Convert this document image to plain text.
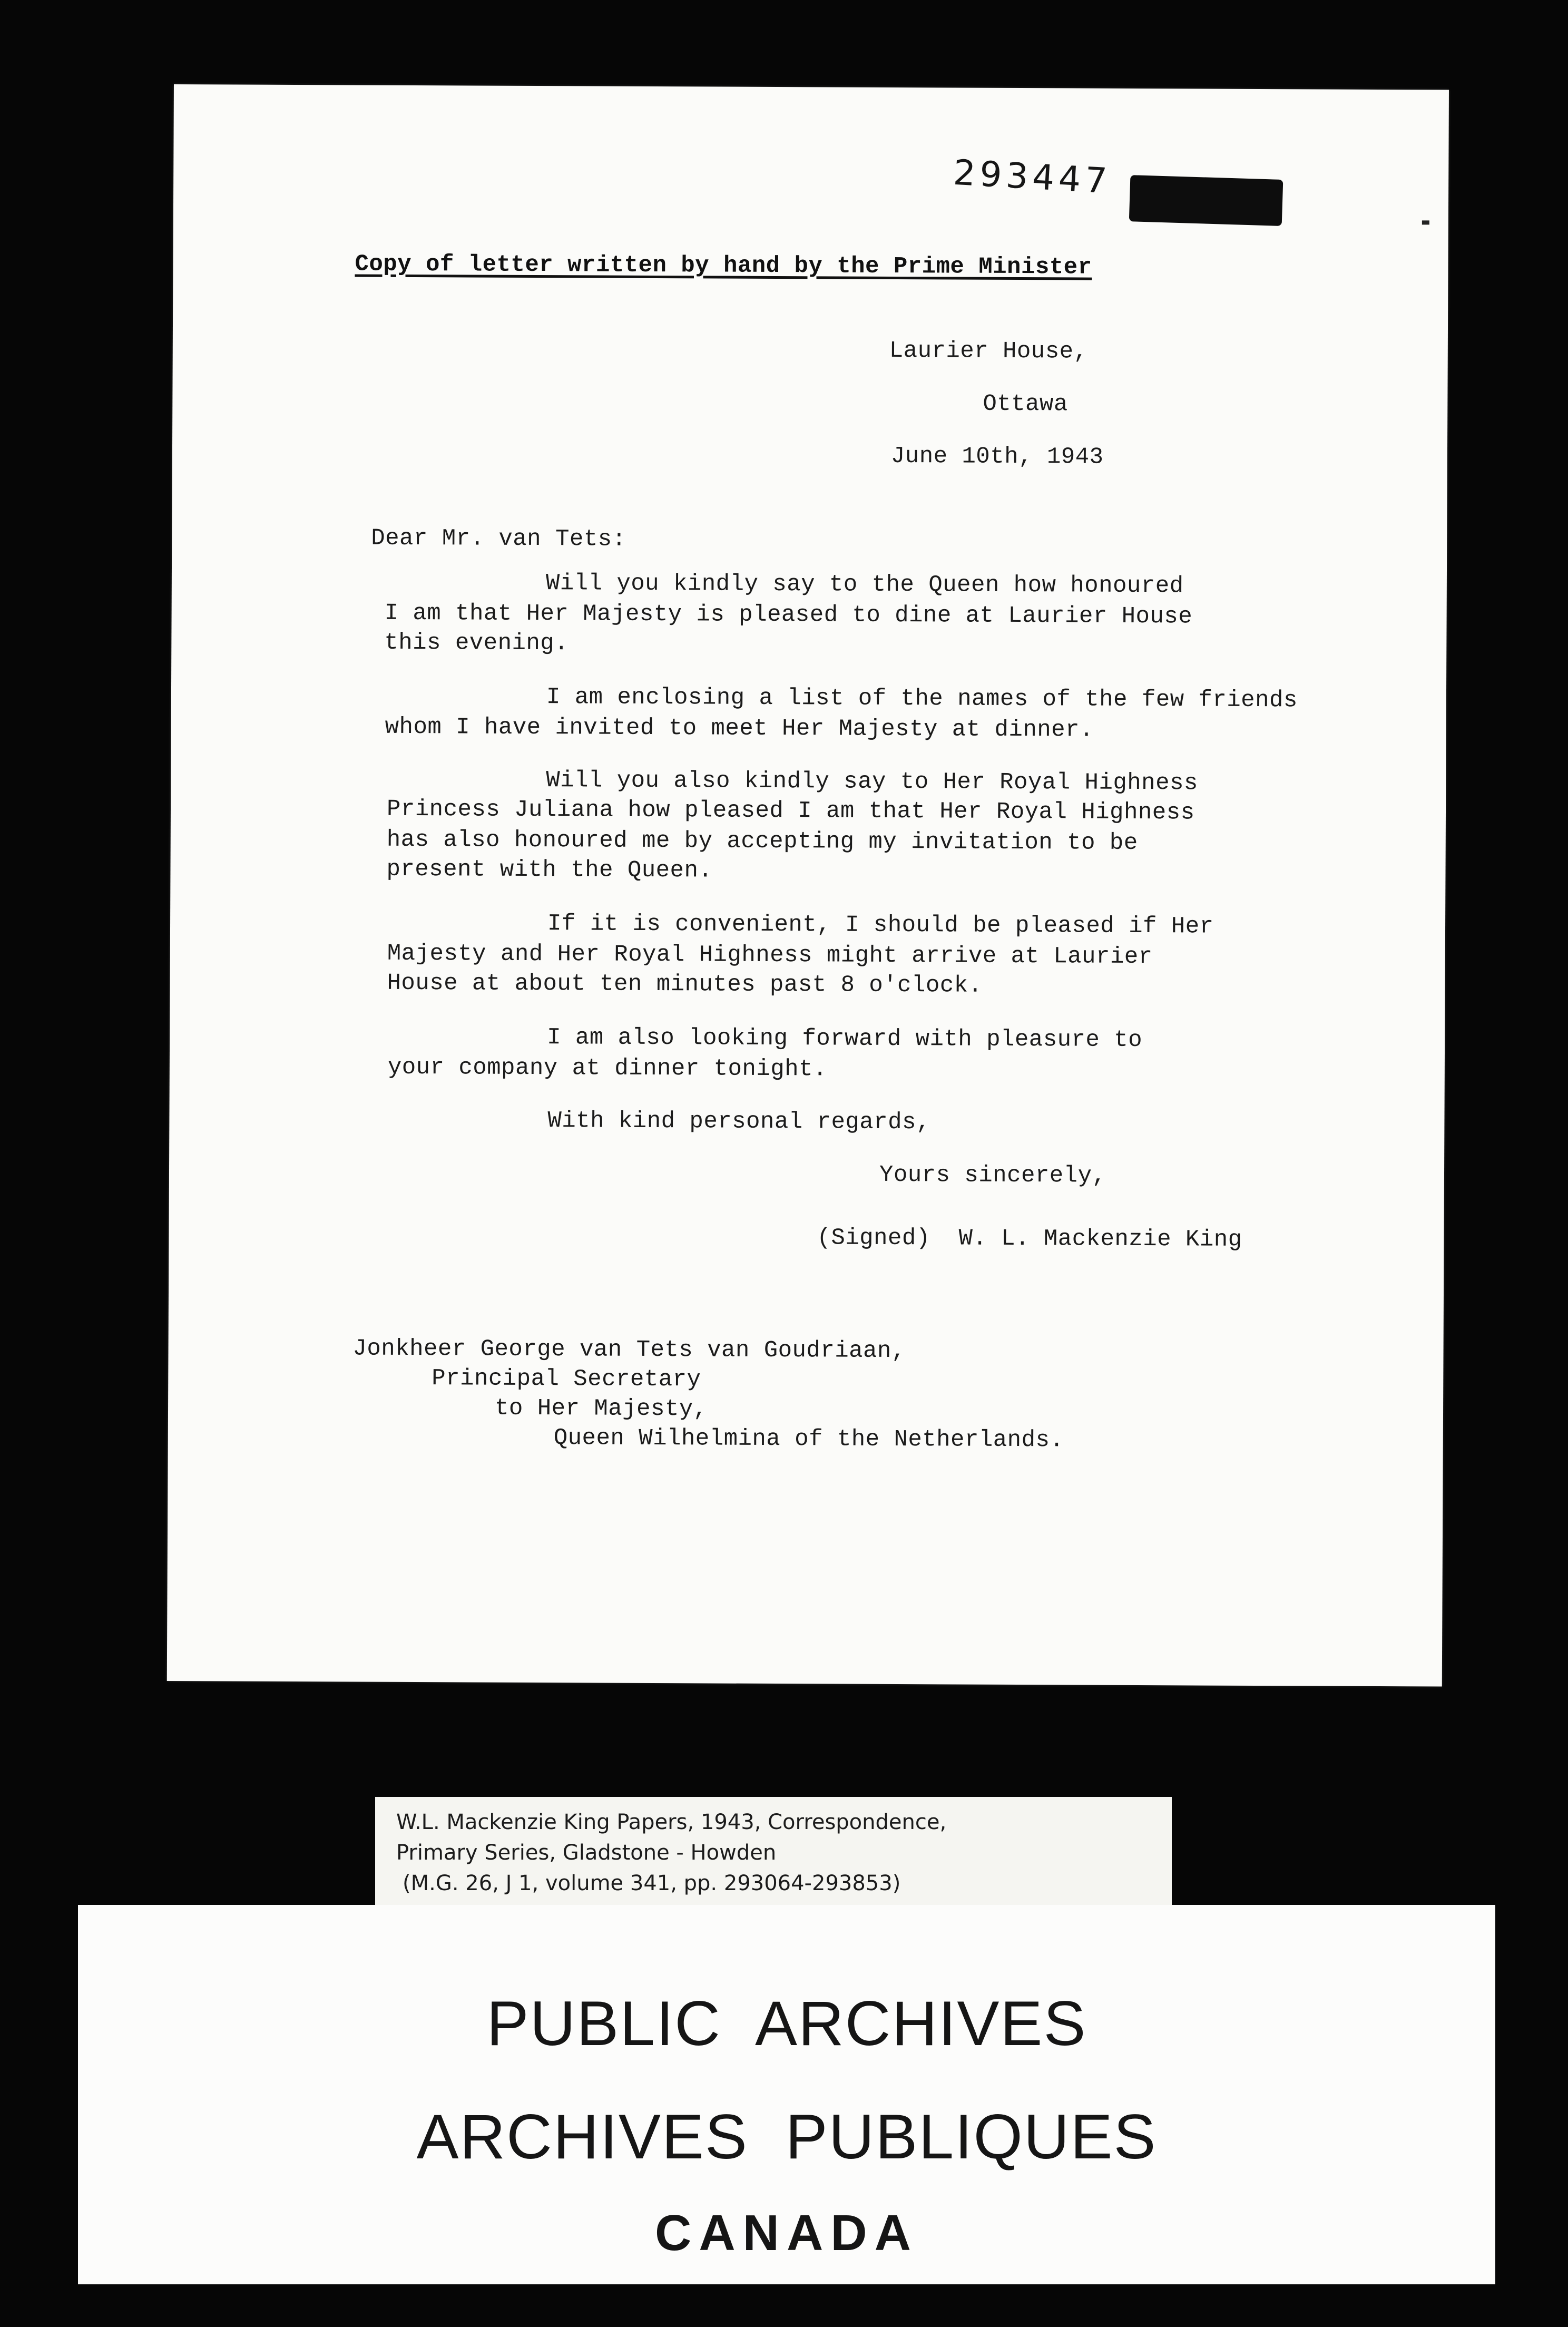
293447
Copy of letter written by hand by the Prime Minister
Laurier House,
Ottawa
June 10th, 1943
Dear Mr. van Tets:
Will you kindly say to the Queen how honoured
I am that Her Majesty is pleased to dine at Laurier House
this evening.
I am enclosing a list of the names of the few friends
whom I have invited to meet Her Majesty at dinner.
Will you also kindly say to Her Royal Highness
Princess Juliana how pleased I am that Her Royal Highness
has also honoured me by accepting my invitation to be
present with the Queen.
If it is convenient, I should be pleased if Her
Majesty and Her Royal Highness might arrive at Laurier
House at about ten minutes past 8 o'clock.
I am also looking forward with pleasure to
your company at dinner tonight.
With kind personal regards,
Yours sincerely,
(Signed)  W. L. Mackenzie King
Jonkheer George van Tets van Goudriaan,
Principal Secretary
to Her Majesty,
Queen Wilhelmina of the Netherlands.
W.L. Mackenzie King Papers, 1943, Correspondence,
Primary Series, Gladstone - Howden
(M.G. 26, J 1, volume 341, pp. 293064-293853)
PUBLIC  ARCHIVES
ARCHIVES  PUBLIQUES
CANADA
